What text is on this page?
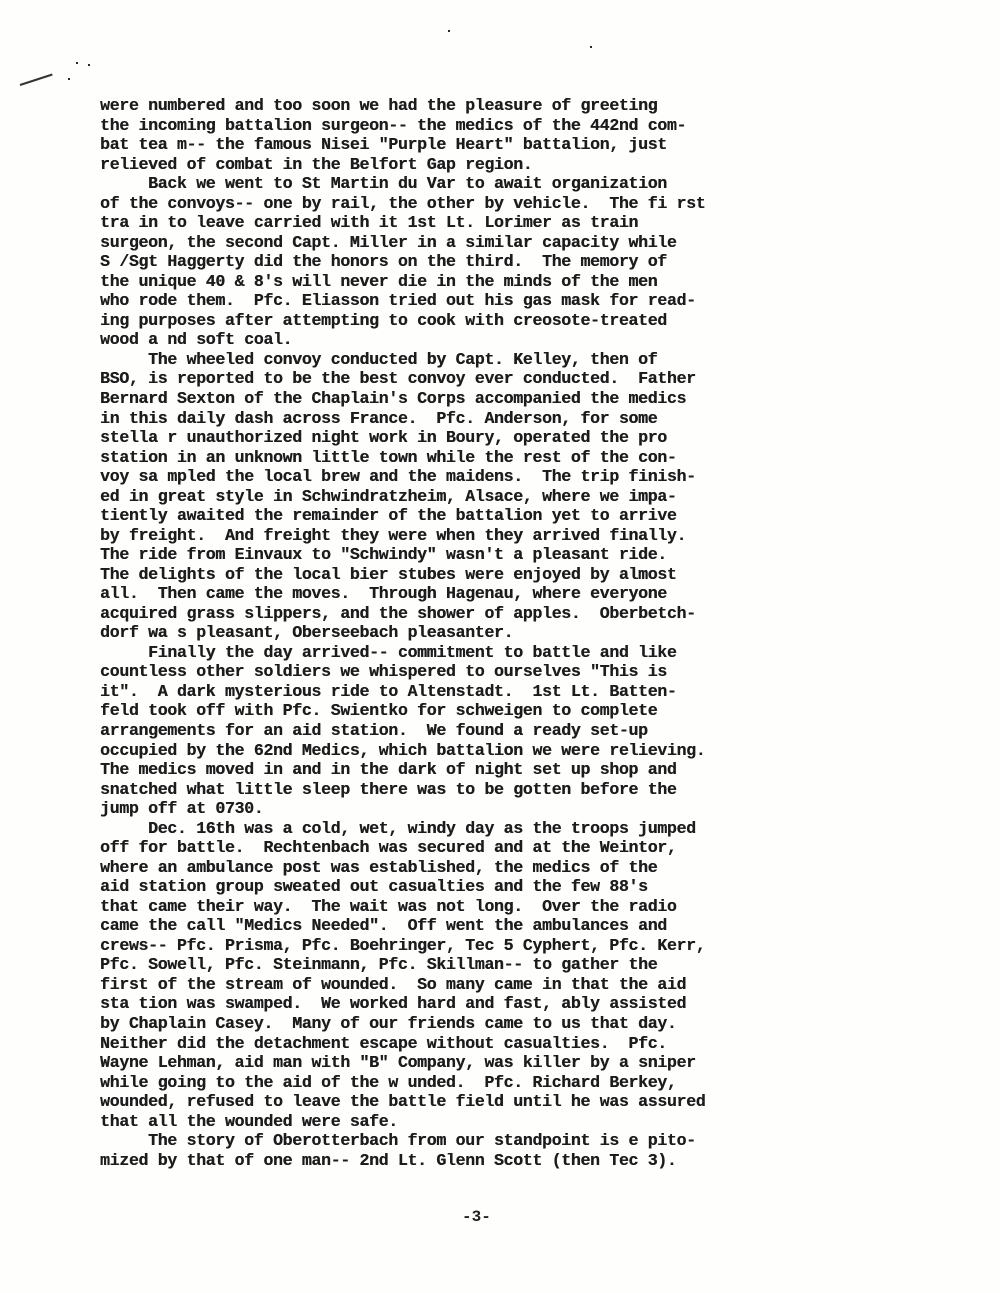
were numbered and too soon we had the pleasure of greeting
the incoming battalion surgeon-- the medics of the 442nd com-
bat tea m-- the famous Nisei "Purple Heart" battalion, just
relieved of combat in the Belfort Gap region.
Back we went to St Martin du Var to await organization
of the convoys-- one by rail, the other by vehicle.  The fi rst
tra in to leave carried with it 1st Lt. Lorimer as train
surgeon, the second Capt. Miller in a similar capacity while
S /Sgt Haggerty did the honors on the third.  The memory of
the unique 40 & 8's will never die in the minds of the men
who rode them.  Pfc. Eliasson tried out his gas mask for read-
ing purposes after attempting to cook with creosote-treated
wood a nd soft coal.
The wheeled convoy conducted by Capt. Kelley, then of
BSO, is reported to be the best convoy ever conducted.  Father
Bernard Sexton of the Chaplain's Corps accompanied the medics
in this daily dash across France.  Pfc. Anderson, for some
stella r unauthorized night work in Boury, operated the pro
station in an unknown little town while the rest of the con-
voy sa mpled the local brew and the maidens.  The trip finish-
ed in great style in Schwindratzheim, Alsace, where we impa-
tiently awaited the remainder of the battalion yet to arrive
by freight.  And freight they were when they arrived finally.
The ride from Einvaux to "Schwindy" wasn't a pleasant ride.
The delights of the local bier stubes were enjoyed by almost
all.  Then came the moves.  Through Hagenau, where everyone
acquired grass slippers, and the shower of apples.  Oberbetch-
dorf wa s pleasant, Oberseebach pleasanter.
Finally the day arrived-- commitment to battle and like
countless other soldiers we whispered to ourselves "This is
it".  A dark mysterious ride to Altenstadt.  1st Lt. Batten-
feld took off with Pfc. Swientko for schweigen to complete
arrangements for an aid station.  We found a ready set-up
occupied by the 62nd Medics, which battalion we were relieving.
The medics moved in and in the dark of night set up shop and
snatched what little sleep there was to be gotten before the
jump off at 0730.
Dec. 16th was a cold, wet, windy day as the troops jumped
off for battle.  Rechtenbach was secured and at the Weintor,
where an ambulance post was established, the medics of the
aid station group sweated out casualties and the few 88's
that came their way.  The wait was not long.  Over the radio
came the call "Medics Needed".  Off went the ambulances and
crews-- Pfc. Prisma, Pfc. Boehringer, Tec 5 Cyphert, Pfc. Kerr,
Pfc. Sowell, Pfc. Steinmann, Pfc. Skillman-- to gather the
first of the stream of wounded.  So many came in that the aid
sta tion was swamped.  We worked hard and fast, ably assisted
by Chaplain Casey.  Many of our friends came to us that day.
Neither did the detachment escape without casualties.  Pfc.
Wayne Lehman, aid man with "B" Company, was killer by a sniper
while going to the aid of the w unded.  Pfc. Richard Berkey,
wounded, refused to leave the battle field until he was assured
that all the wounded were safe.
The story of Oberotterbach from our standpoint is e pito-
mized by that of one man-- 2nd Lt. Glenn Scott (then Tec 3).
-3-
